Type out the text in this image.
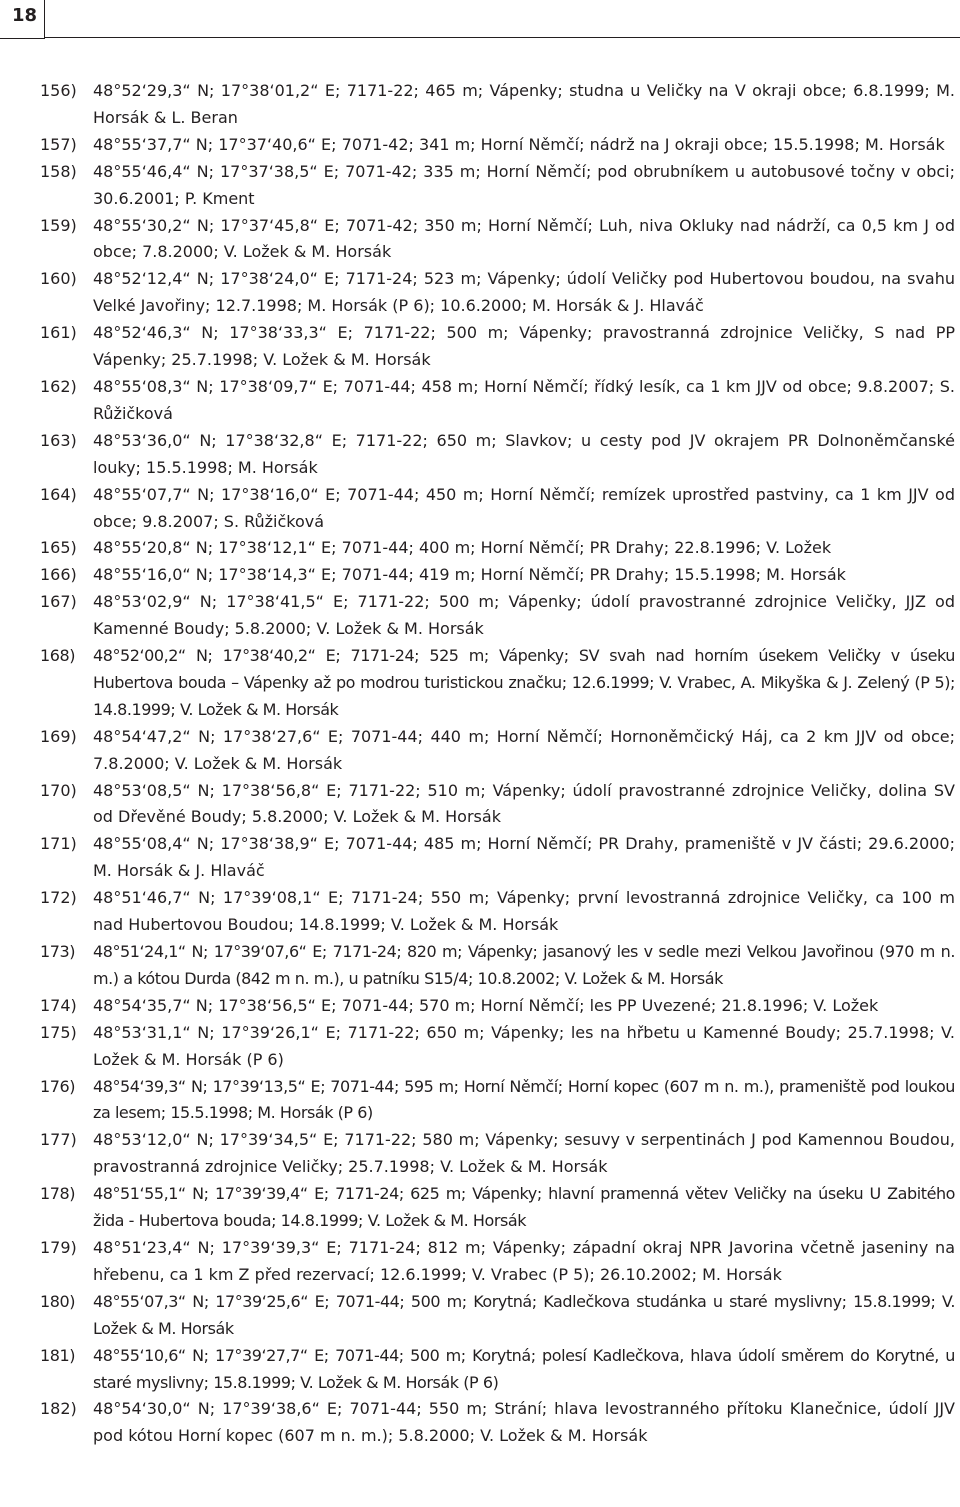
18
156) 48°52‘29,3“ N; 17°38‘01,2“ E; 7171-22; 465 m; Vápenky; studna u Veličky na V okraji obce; 6.8.1999; M. Horsák & L. Beran
157) 48°55‘37,7“ N; 17°37‘40,6“ E; 7071-42; 341 m; Horní Němčí; nádrž na J okraji obce; 15.5.1998; M. Horsák
158) 48°55‘46,4“ N; 17°37‘38,5“ E; 7071-42; 335 m; Horní Němčí; pod obrubníkem u autobusové točny v obci; 30.6.2001; P. Kment
159) 48°55‘30,2“ N; 17°37‘45,8“ E; 7071-42; 350 m; Horní Němčí; Luh, niva Okluky nad nádrží, ca 0,5 km J od obce; 7.8.2000; V. Ložek & M. Horsák
160) 48°52‘12,4“ N; 17°38‘24,0“ E; 7171-24; 523 m; Vápenky; údolí Veličky pod Hubertovou boudou, na svahu Velké Javořiny; 12.7.1998; M. Horsák (P 6); 10.6.2000; M. Horsák & J. Hlaváč
161) 48°52‘46,3“ N; 17°38‘33,3“ E; 7171-22; 500 m; Vápenky; pravostranná zdrojnice Veličky, S nad PP Vápenky; 25.7.1998; V. Ložek & M. Horsák
162) 48°55‘08,3“ N; 17°38‘09,7“ E; 7071-44; 458 m; Horní Němčí; řídký lesík, ca 1 km JJV od obce; 9.8.2007; S. Růžičková
163) 48°53‘36,0“ N; 17°38‘32,8“ E; 7171-22; 650 m; Slavkov; u cesty pod JV okrajem PR Dolnoněmčanské louky; 15.5.1998; M. Horsák
164) 48°55‘07,7“ N; 17°38‘16,0“ E; 7071-44; 450 m; Horní Němčí; remízek uprostřed pastviny, ca 1 km JJV od obce; 9.8.2007; S. Růžičková
165) 48°55‘20,8“ N; 17°38‘12,1“ E; 7071-44; 400 m; Horní Němčí; PR Drahy; 22.8.1996; V. Ložek
166) 48°55‘16,0“ N; 17°38‘14,3“ E; 7071-44; 419 m; Horní Němčí; PR Drahy; 15.5.1998; M. Horsák
167) 48°53‘02,9“ N; 17°38‘41,5“ E; 7171-22; 500 m; Vápenky; údolí pravostranné zdrojnice Veličky, JJZ od Kamenné Boudy; 5.8.2000; V. Ložek & M. Horsák
168) 48°52‘00,2“ N; 17°38‘40,2“ E; 7171-24; 525 m; Vápenky; SV svah nad horním úsekem Veličky v úseku Hubertova bouda – Vápenky až po modrou turistickou značku; 12.6.1999; V. Vrabec, A. Mikyška & J. Zelený (P 5); 14.8.1999; V. Ložek & M. Horsák
169) 48°54‘47,2“ N; 17°38‘27,6“ E; 7071-44; 440 m; Horní Němčí; Hornoněmčický Háj, ca 2 km JJV od obce; 7.8.2000; V. Ložek & M. Horsák
170) 48°53‘08,5“ N; 17°38‘56,8“ E; 7171-22; 510 m; Vápenky; údolí pravostranné zdrojnice Veličky, dolina SV od Dřevěné Boudy; 5.8.2000; V. Ložek & M. Horsák
171) 48°55‘08,4“ N; 17°38‘38,9“ E; 7071-44; 485 m; Horní Němčí; PR Drahy, prameniště v JV části; 29.6.2000; M. Horsák & J. Hlaváč
172) 48°51‘46,7“ N; 17°39‘08,1“ E; 7171-24; 550 m; Vápenky; první levostranná zdrojnice Veličky, ca 100 m nad Hubertovou Boudou; 14.8.1999; V. Ložek & M. Horsák
173) 48°51‘24,1“ N; 17°39‘07,6“ E; 7171-24; 820 m; Vápenky; jasanový les v sedle mezi Velkou Javořinou (970 m n. m.) a kótou Durda (842 m n. m.), u patníku S15/4; 10.8.2002; V. Ložek & M. Horsák
174) 48°54‘35,7“ N; 17°38‘56,5“ E; 7071-44; 570 m; Horní Němčí; les PP Uvezené; 21.8.1996; V. Ložek
175) 48°53‘31,1“ N; 17°39‘26,1“ E; 7171-22; 650 m; Vápenky; les na hřbetu u Kamenné Boudy; 25.7.1998; V. Ložek & M. Horsák (P 6)
176) 48°54‘39,3“ N; 17°39‘13,5“ E; 7071-44; 595 m; Horní Němčí; Horní kopec (607 m n. m.), prameniště pod loukou za lesem; 15.5.1998; M. Horsák (P 6)
177) 48°53‘12,0“ N; 17°39‘34,5“ E; 7171-22; 580 m; Vápenky; sesuvy v serpentinách J pod Kamennou Boudou, pravostranná zdrojnice Veličky; 25.7.1998; V. Ložek & M. Horsák
178) 48°51‘55,1“ N; 17°39‘39,4“ E; 7171-24; 625 m; Vápenky; hlavní pramenná větev Veličky na úseku U Zabitého žida - Hubertova bouda; 14.8.1999; V. Ložek & M. Horsák
179) 48°51‘23,4“ N; 17°39‘39,3“ E; 7171-24; 812 m; Vápenky; západní okraj NPR Javorina včetně jaseniny na hřebenu, ca 1 km Z před rezervací; 12.6.1999; V. Vrabec (P 5); 26.10.2002; M. Horsák
180) 48°55‘07,3“ N; 17°39‘25,6“ E; 7071-44; 500 m; Korytná; Kadlečkova studánka u staré myslivny; 15.8.1999; V. Ložek & M. Horsák
181) 48°55‘10,6“ N; 17°39‘27,7“ E; 7071-44; 500 m; Korytná; polesí Kadlečkova, hlava údolí směrem do Korytné, u staré myslivny; 15.8.1999; V. Ložek & M. Horsák (P 6)
182) 48°54‘30,0“ N; 17°39‘38,6“ E; 7071-44; 550 m; Strání; hlava levostranného přítoku Klanečnice, údolí JJV pod kótou Horní kopec (607 m n. m.); 5.8.2000; V. Ložek & M. Horsák
